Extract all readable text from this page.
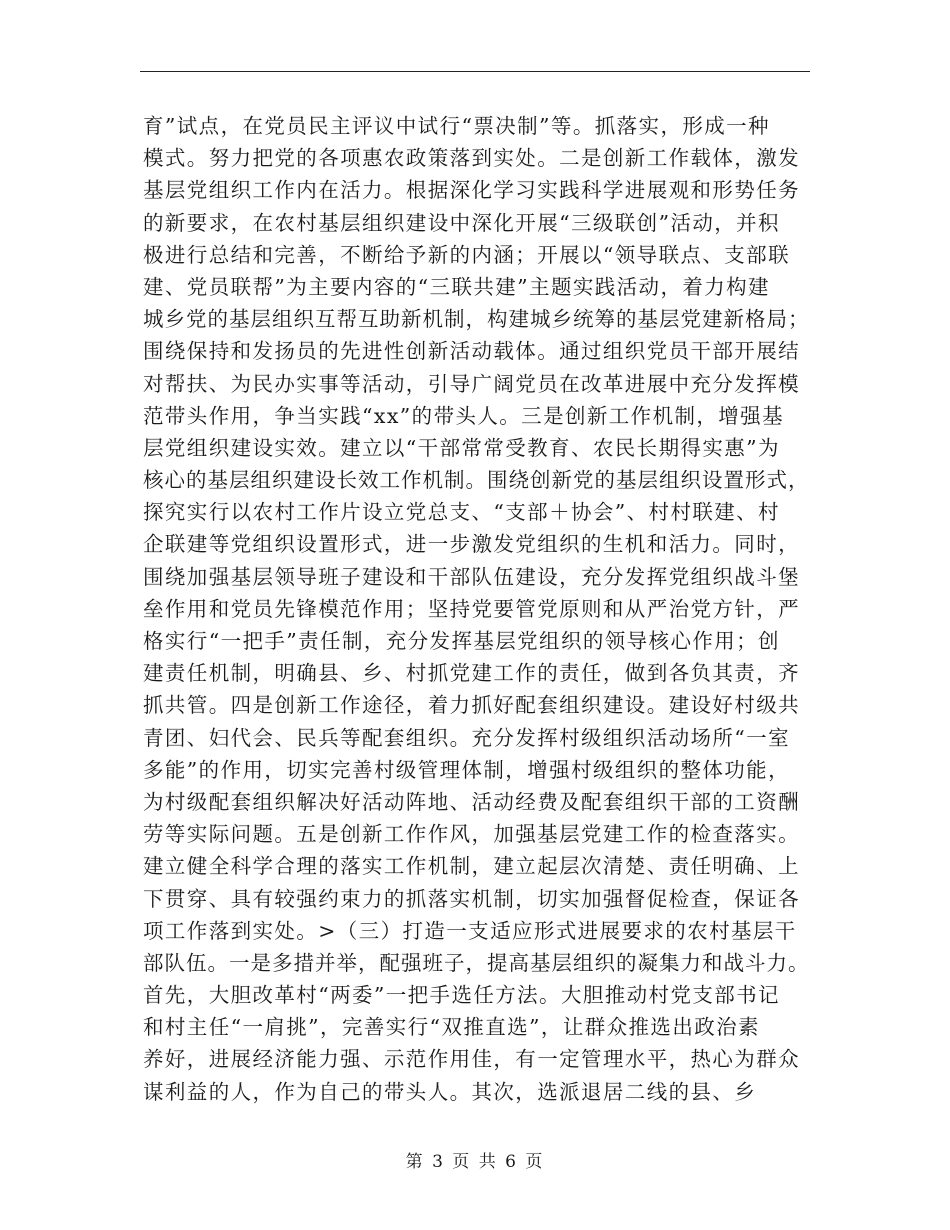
育”试点，在党员民主评议中试行“票决制”等。抓落实，形成一种
模式。努力把党的各项惠农政策落到实处。二是创新工作载体，激发
基层党组织工作内在活力。根据深化学习实践科学进展观和形势任务
的新要求，在农村基层组织建设中深化开展“三级联创”活动，并积
极进行总结和完善，不断给予新的内涵；开展以“领导联点、支部联
建、党员联帮”为主要内容的“三联共建”主题实践活动，着力构建
城乡党的基层组织互帮互助新机制，构建城乡统筹的基层党建新格局；
围绕保持和发扬员的先进性创新活动载体。通过组织党员干部开展结
对帮扶、为民办实事等活动，引导广阔党员在改革进展中充分发挥模
范带头作用，争当实践“xx”的带头人。三是创新工作机制，增强基
层党组织建设实效。建立以“干部常常受教育、农民长期得实惠”为
核心的基层组织建设长效工作机制。围绕创新党的基层组织设置形式，
探究实行以农村工作片设立党总支、“支部＋协会”、村村联建、村
企联建等党组织设置形式，进一步激发党组织的生机和活力。同时，
围绕加强基层领导班子建设和干部队伍建设，充分发挥党组织战斗堡
垒作用和党员先锋模范作用；坚持党要管党原则和从严治党方针，严
格实行“一把手”责任制，充分发挥基层党组织的领导核心作用；创
建责任机制，明确县、乡、村抓党建工作的责任，做到各负其责，齐
抓共管。四是创新工作途径，着力抓好配套组织建设。建设好村级共
青团、妇代会、民兵等配套组织。充分发挥村级组织活动场所“一室
多能”的作用，切实完善村级管理体制，增强村级组织的整体功能，
为村级配套组织解决好活动阵地、活动经费及配套组织干部的工资酬
劳等实际问题。五是创新工作作风，加强基层党建工作的检查落实。
建立健全科学合理的落实工作机制，建立起层次清楚、责任明确、上
下贯穿、具有较强约束力的抓落实机制，切实加强督促检查，保证各
项工作落到实处。>（三）打造一支适应形式进展要求的农村基层干
部队伍。一是多措并举，配强班子，提高基层组织的凝集力和战斗力。
首先，大胆改革村“两委”一把手选任方法。大胆推动村党支部书记
和村主任“一肩挑”，完善实行“双推直选”，让群众推选出政治素
养好，进展经济能力强、示范作用佳，有一定管理水平，热心为群众
谋利益的人，作为自己的带头人。其次，选派退居二线的县、乡
第 3 页 共 6 页
